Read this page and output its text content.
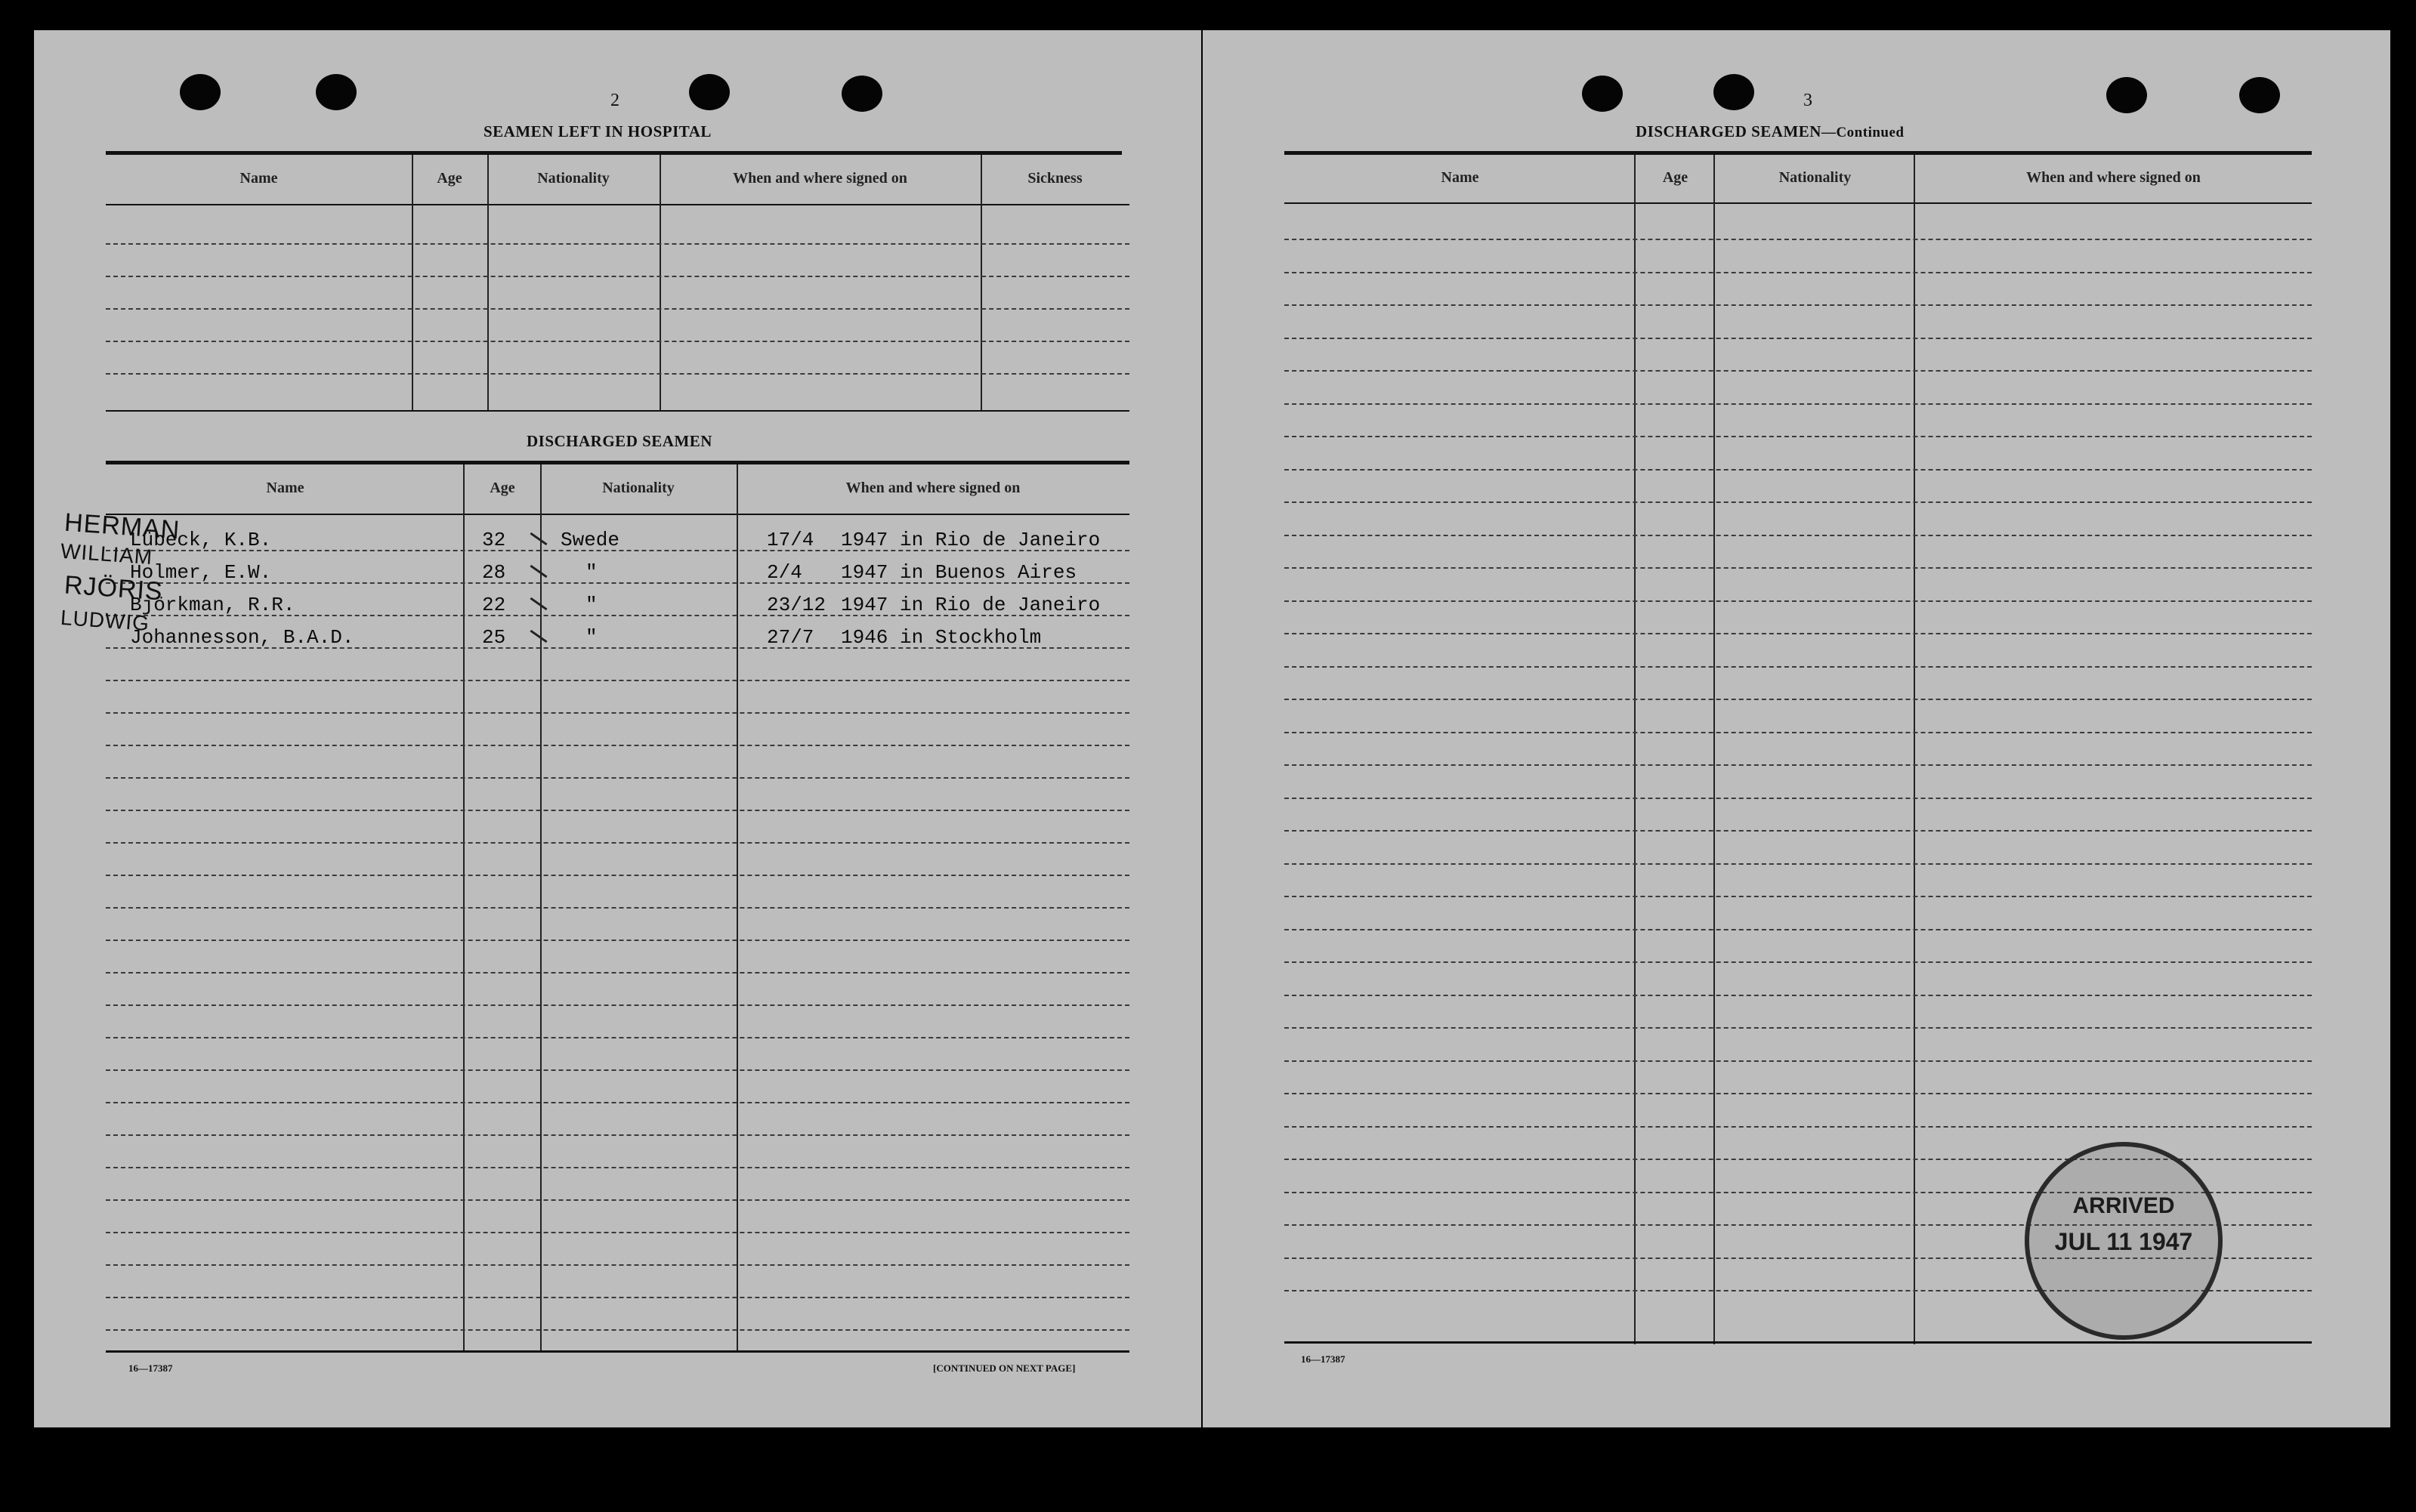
2
SEAMEN LEFT IN HOSPITAL
Name	Age	Nationality	When and where signed on	Sickness
DISCHARGED SEAMEN
Name	Age	Nationality	When and where signed on
HERMAN
WILLIAM
RJÖRIS
LUDWIG
Lübeck, K.B.	32	Swede	17/4 1947 in Rio de Janeiro
Holmer, E.W.	28	"	2/4 1947 in Buenos Aires
Björkman, R.R.	22	"	23/12 1947 in Rio de Janeiro
Johannesson, B.A.D.	25	"	27/7 1946 in Stockholm
16—17387	[CONTINUED ON NEXT PAGE]
3
DISCHARGED SEAMEN—Continued
Name	Age	Nationality	When and where signed on
16—17387
ARRIVED
JUL 11 1947
